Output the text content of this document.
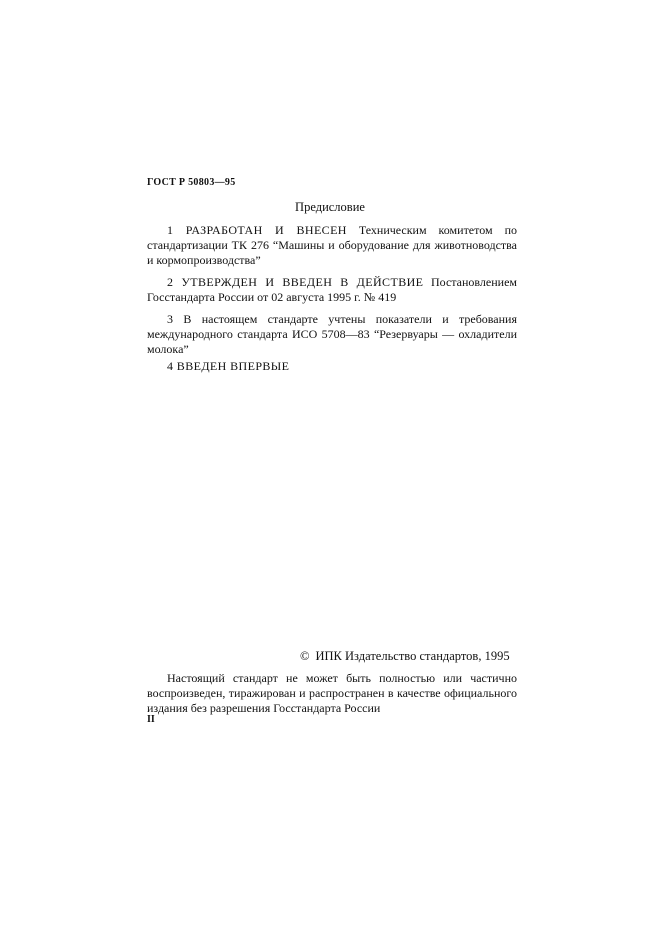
ГОСТ Р 50803—95
Предисловие
1 РАЗРАБОТАН И ВНЕСЕН Техническим комитетом по стандартизации ТК 276 “Машины и оборудование для животноводства и кормопроизводства”
2 УТВЕРЖДЕН И ВВЕДЕН В ДЕЙСТВИЕ Постановлением Госстандарта России от 02 августа 1995 г. № 419
3 В настоящем стандарте учтены показатели и требования международного стандарта ИСО 5708—83 “Резервуары — охладители молока”
4 ВВЕДЕН ВПЕРВЫЕ
© ИПК Издательство стандартов, 1995
Настоящий стандарт не может быть полностью или частично воспроизведен, тиражирован и распространен в качестве официального издания без разрешения Госстандарта России
II
